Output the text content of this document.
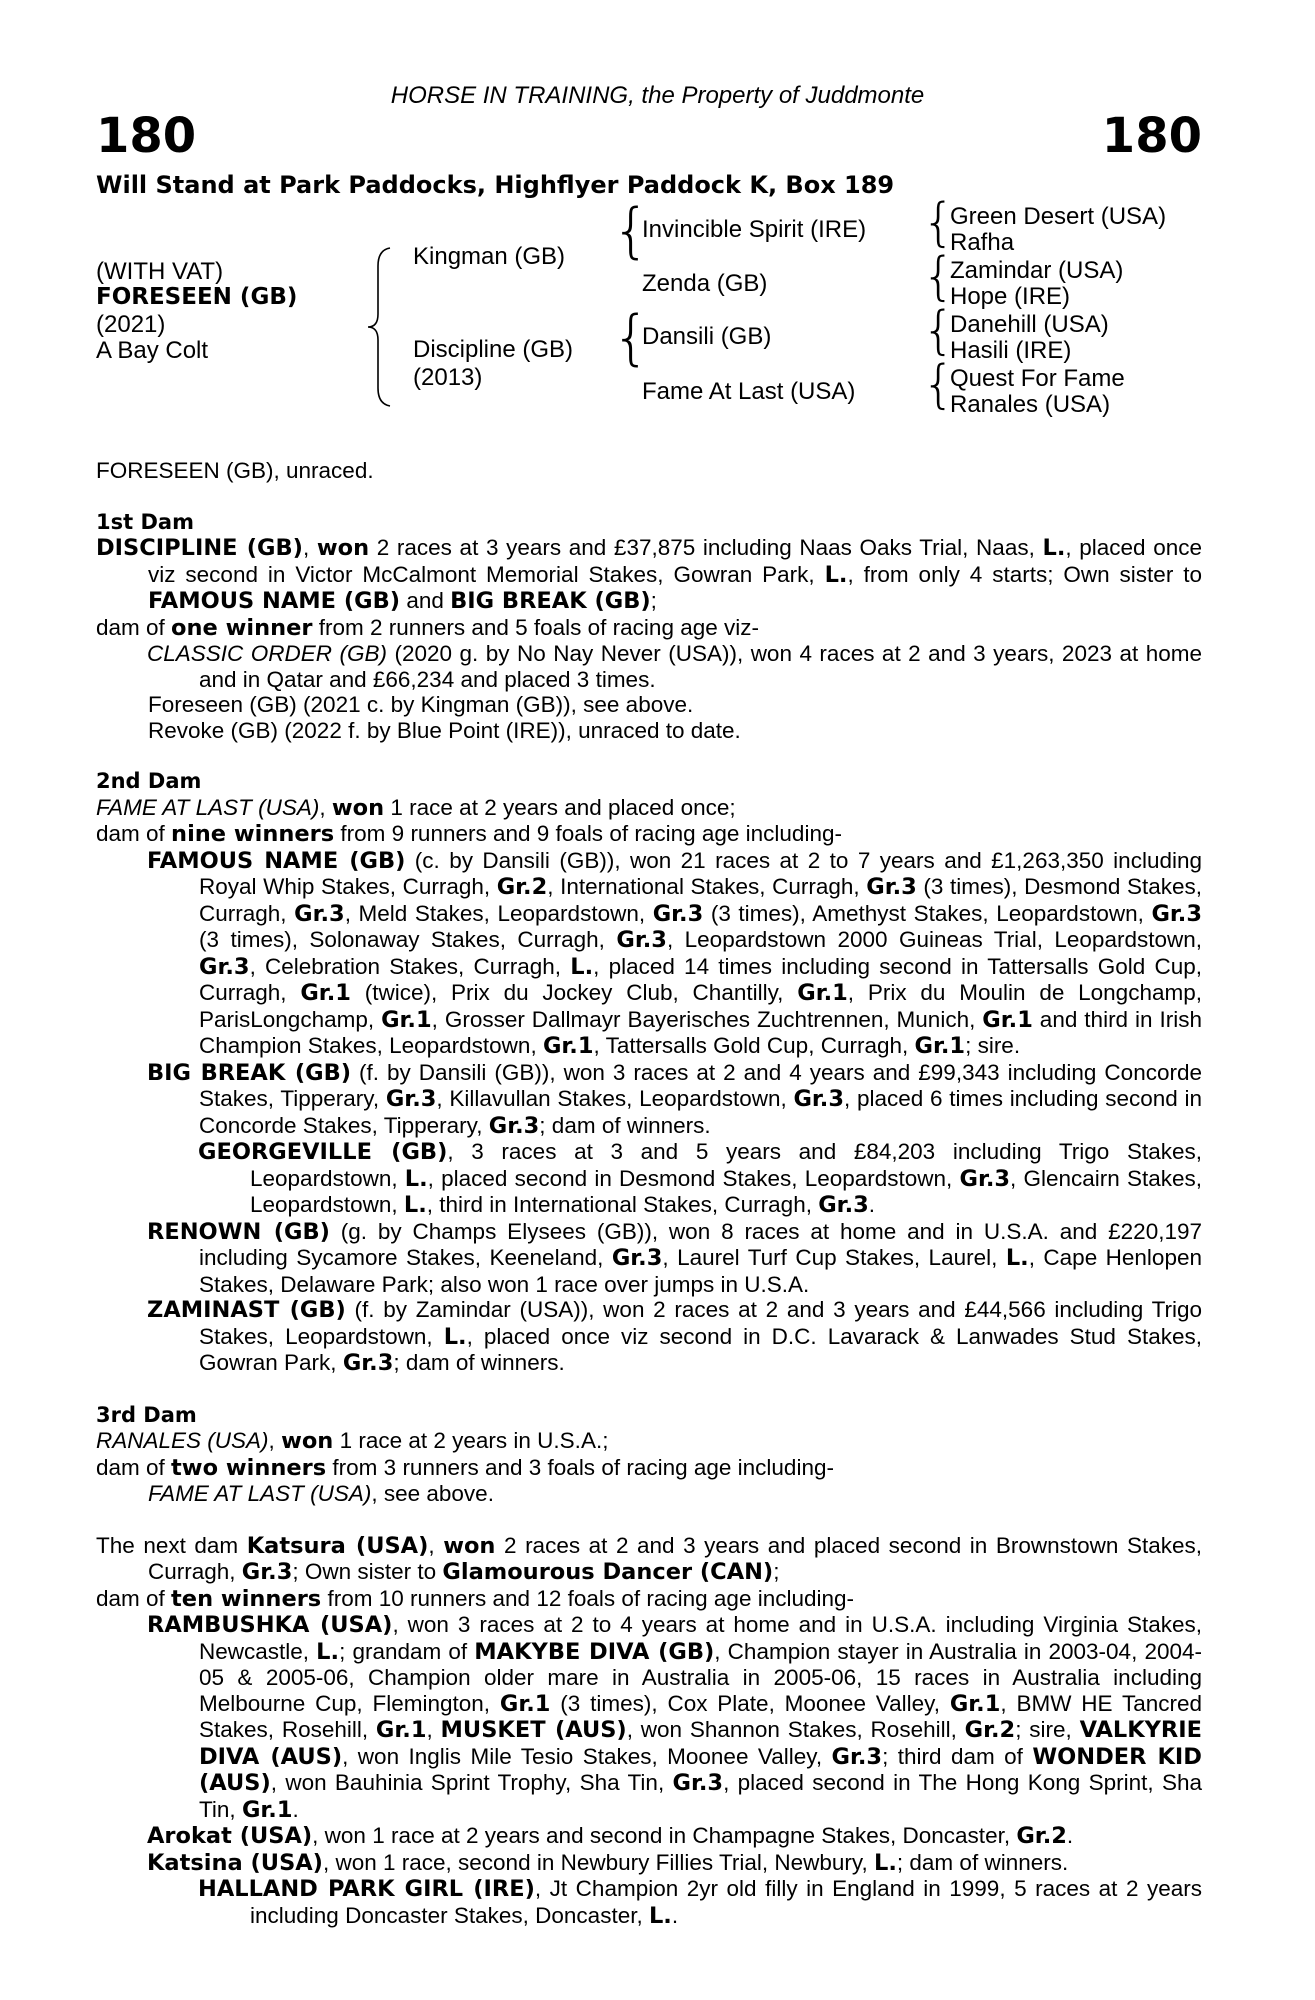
HORSE IN TRAINING, the Property of Juddmonte
180	180
Will Stand at Park Paddocks, Highflyer Paddock K, Box 189
(WITH VAT)
FORESEEN (GB)
(2021)
A Bay Colt
Kingman (GB)
Discipline (GB)
(2013)
{
{
Invincible Spirit (IRE)
Zenda (GB)
Dansili (GB)
Fame At Last (USA)
{
{
{
{
Green Desert (USA)
Rafha
Zamindar (USA)
Hope (IRE)
Danehill (USA)
Hasili (IRE)
Quest For Fame
Ranales (USA)

FORESEEN (GB), unraced.

1st Dam

DISCIPLINE (GB), won 2 races at 3 years and £37,875 including Naas Oaks Trial, Naas, L., placed once viz second in Victor McCalmont Memorial Stakes, Gowran Park, L., from only 4 starts; Own sister to FAMOUS NAME (GB) and BIG BREAK (GB);

dam of one winner from 2 runners and 5 foals of racing age viz-

CLASSIC ORDER (GB) (2020 g. by No Nay Never (USA)), won 4 races at 2 and 3 years, 2023 at home and in Qatar and £66,234 and placed 3 times.

Foreseen (GB) (2021 c. by Kingman (GB)), see above.

Revoke (GB) (2022 f. by Blue Point (IRE)), unraced to date.

2nd Dam

FAME AT LAST (USA), won 1 race at 2 years and placed once;

dam of nine winners from 9 runners and 9 foals of racing age including-

FAMOUS NAME (GB) (c. by Dansili (GB)), won 21 races at 2 to 7 years and £1,263,350 including Royal Whip Stakes, Curragh, Gr.2, International Stakes, Curragh, Gr.3 (3 times), Desmond Stakes, Curragh, Gr.3, Meld Stakes, Leopardstown, Gr.3 (3 times), Amethyst Stakes, Leopardstown, Gr.3 (3 times), Solonaway Stakes, Curragh, Gr.3, Leopardstown 2000 Guineas Trial, Leopardstown, Gr.3, Celebration Stakes, Curragh, L., placed 14 times including second in Tattersalls Gold Cup, Curragh, Gr.1 (twice), Prix du Jockey Club, Chantilly, Gr.1, Prix du Moulin de Longchamp, ParisLongchamp, Gr.1, Grosser Dallmayr Bayerisches Zuchtrennen, Munich, Gr.1 and third in Irish Champion Stakes, Leopardstown, Gr.1, Tattersalls Gold Cup, Curragh, Gr.1; sire.

BIG BREAK (GB) (f. by Dansili (GB)), won 3 races at 2 and 4 years and £99,343 including Concorde Stakes, Tipperary, Gr.3, Killavullan Stakes, Leopardstown, Gr.3, placed 6 times including second in Concorde Stakes, Tipperary, Gr.3; dam of winners.

GEORGEVILLE (GB), 3 races at 3 and 5 years and £84,203 including Trigo Stakes, Leopardstown, L., placed second in Desmond Stakes, Leopardstown, Gr.3, Glencairn Stakes, Leopardstown, L., third in International Stakes, Curragh, Gr.3.

RENOWN (GB) (g. by Champs Elysees (GB)), won 8 races at home and in U.S.A. and £220,197 including Sycamore Stakes, Keeneland, Gr.3, Laurel Turf Cup Stakes, Laurel, L., Cape Henlopen Stakes, Delaware Park; also won 1 race over jumps in U.S.A.

ZAMINAST (GB) (f. by Zamindar (USA)), won 2 races at 2 and 3 years and £44,566 including Trigo Stakes, Leopardstown, L., placed once viz second in D.C. Lavarack & Lanwades Stud Stakes, Gowran Park, Gr.3; dam of winners.

3rd Dam

RANALES (USA), won 1 race at 2 years in U.S.A.;

dam of two winners from 3 runners and 3 foals of racing age including-

FAME AT LAST (USA), see above.

The next dam Katsura (USA), won 2 races at 2 and 3 years and placed second in Brownstown Stakes, Curragh, Gr.3; Own sister to Glamourous Dancer (CAN);

dam of ten winners from 10 runners and 12 foals of racing age including-

RAMBUSHKA (USA), won 3 races at 2 to 4 years at home and in U.S.A. including Virginia Stakes, Newcastle, L.; grandam of MAKYBE DIVA (GB), Champion stayer in Australia in 2003-04, 2004-05 & 2005-06, Champion older mare in Australia in 2005-06, 15 races in Australia including Melbourne Cup, Flemington, Gr.1 (3 times), Cox Plate, Moonee Valley, Gr.1, BMW HE Tancred Stakes, Rosehill, Gr.1, MUSKET (AUS), won Shannon Stakes, Rosehill, Gr.2; sire, VALKYRIE DIVA (AUS), won Inglis Mile Tesio Stakes, Moonee Valley, Gr.3; third dam of WONDER KID (AUS), won Bauhinia Sprint Trophy, Sha Tin, Gr.3, placed second in The Hong Kong Sprint, Sha Tin, Gr.1.

Arokat (USA), won 1 race at 2 years and second in Champagne Stakes, Doncaster, Gr.2.

Katsina (USA), won 1 race, second in Newbury Fillies Trial, Newbury, L.; dam of winners.

HALLAND PARK GIRL (IRE), Jt Champion 2yr old filly in England in 1999, 5 races at 2 years including Doncaster Stakes, Doncaster, L..
